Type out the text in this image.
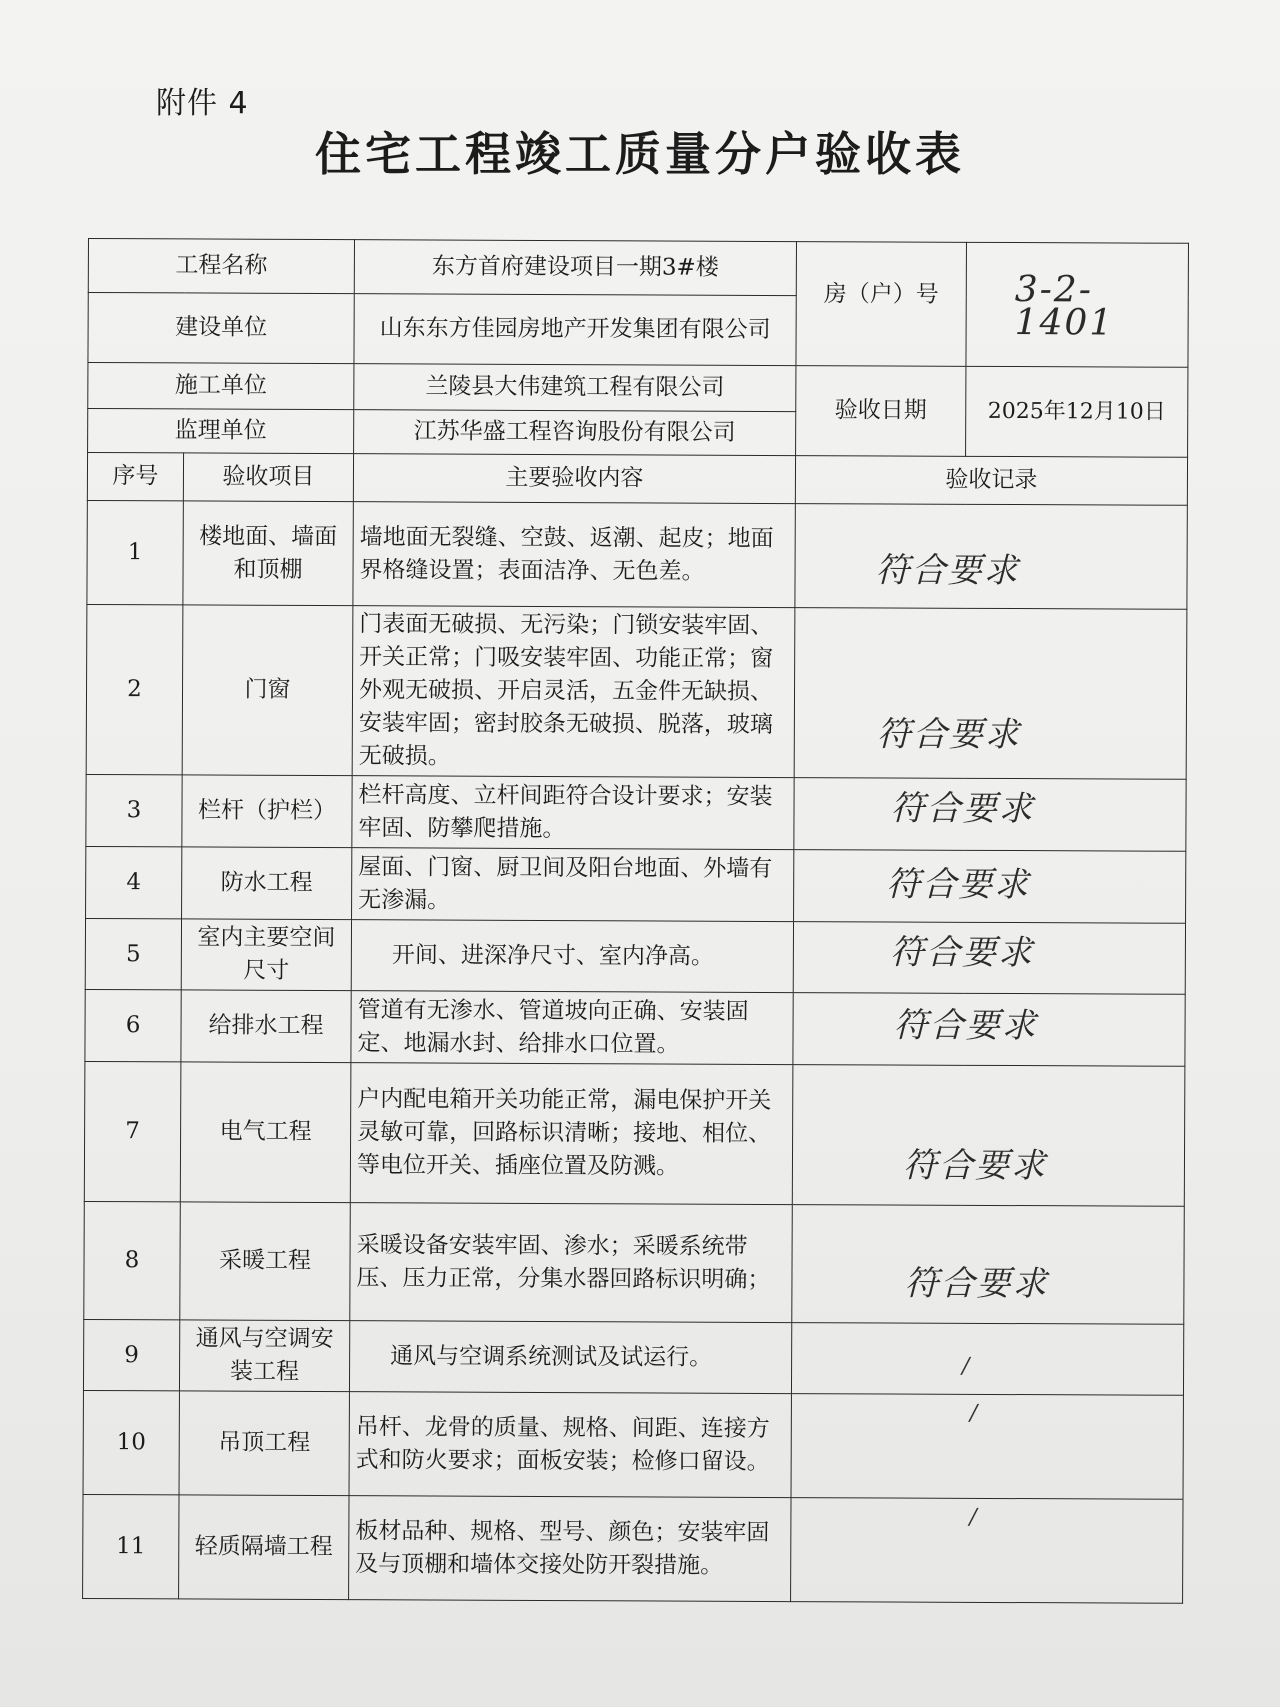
附件 4
住宅工程竣工质量分户验收表
工程名称		东方首府建设项目一期3#楼	房（户）号	3-2-1401

建设单位		山东东方佳园房地产开发集团有限公司		
施工单位		兰陵县大伟建筑工程有限公司	验收日期	2025年12月10日
监理单位		江苏华盛工程咨询股份有限公司		
序号	验收项目	主要验收内容	验收记录	
1	楼地面、墙面和顶棚	墙地面无裂缝、空鼓、返潮、起皮；地面界格缝设置；表面洁净、无色差。	符合要求	

2	门窗	门表面无破损、无污染；门锁安装牢固、开关正常；门吸安装牢固、功能正常；窗外观无破损、开启灵活，五金件无缺损、 安装牢固；密封胶条无破损、脱落，玻璃无破损。	符合要求	

3	栏杆（护栏）	栏杆高度、立杆间距符合设计要求；安装牢固、防攀爬措施。	符合要求	

4	防水工程	屋面、门窗、厨卫间及阳台地面、外墙有无渗漏。	符合要求	

5	室内主要空间尺寸	开间、进深净尺寸、室内净高。	符合要求	

6	给排水工程	管道有无渗水、管道坡向正确、安装固定、地漏水封、给排水口位置。	符合要求	

7	电气工程	户内配电箱开关功能正常，漏电保护开关灵敏可靠，回路标识清晰；接地、相位、等电位开关、插座位置及防溅。	符合要求	

8	采暖工程	采暖设备安装牢固、渗水；采暖系统带压、压力正常，分集水器回路标识明确；	符合要求	

9	通风与空调安装工程	通风与空调系统测试及试运行。	/	

10	吊顶工程	吊杆、龙骨的质量、规格、间距、连接方式和防火要求；面板安装；检修口留设。	/	

11	轻质隔墙工程	板材品种、规格、型号、颜色；安装牢固及与顶棚和墙体交接处防开裂措施。	/	
